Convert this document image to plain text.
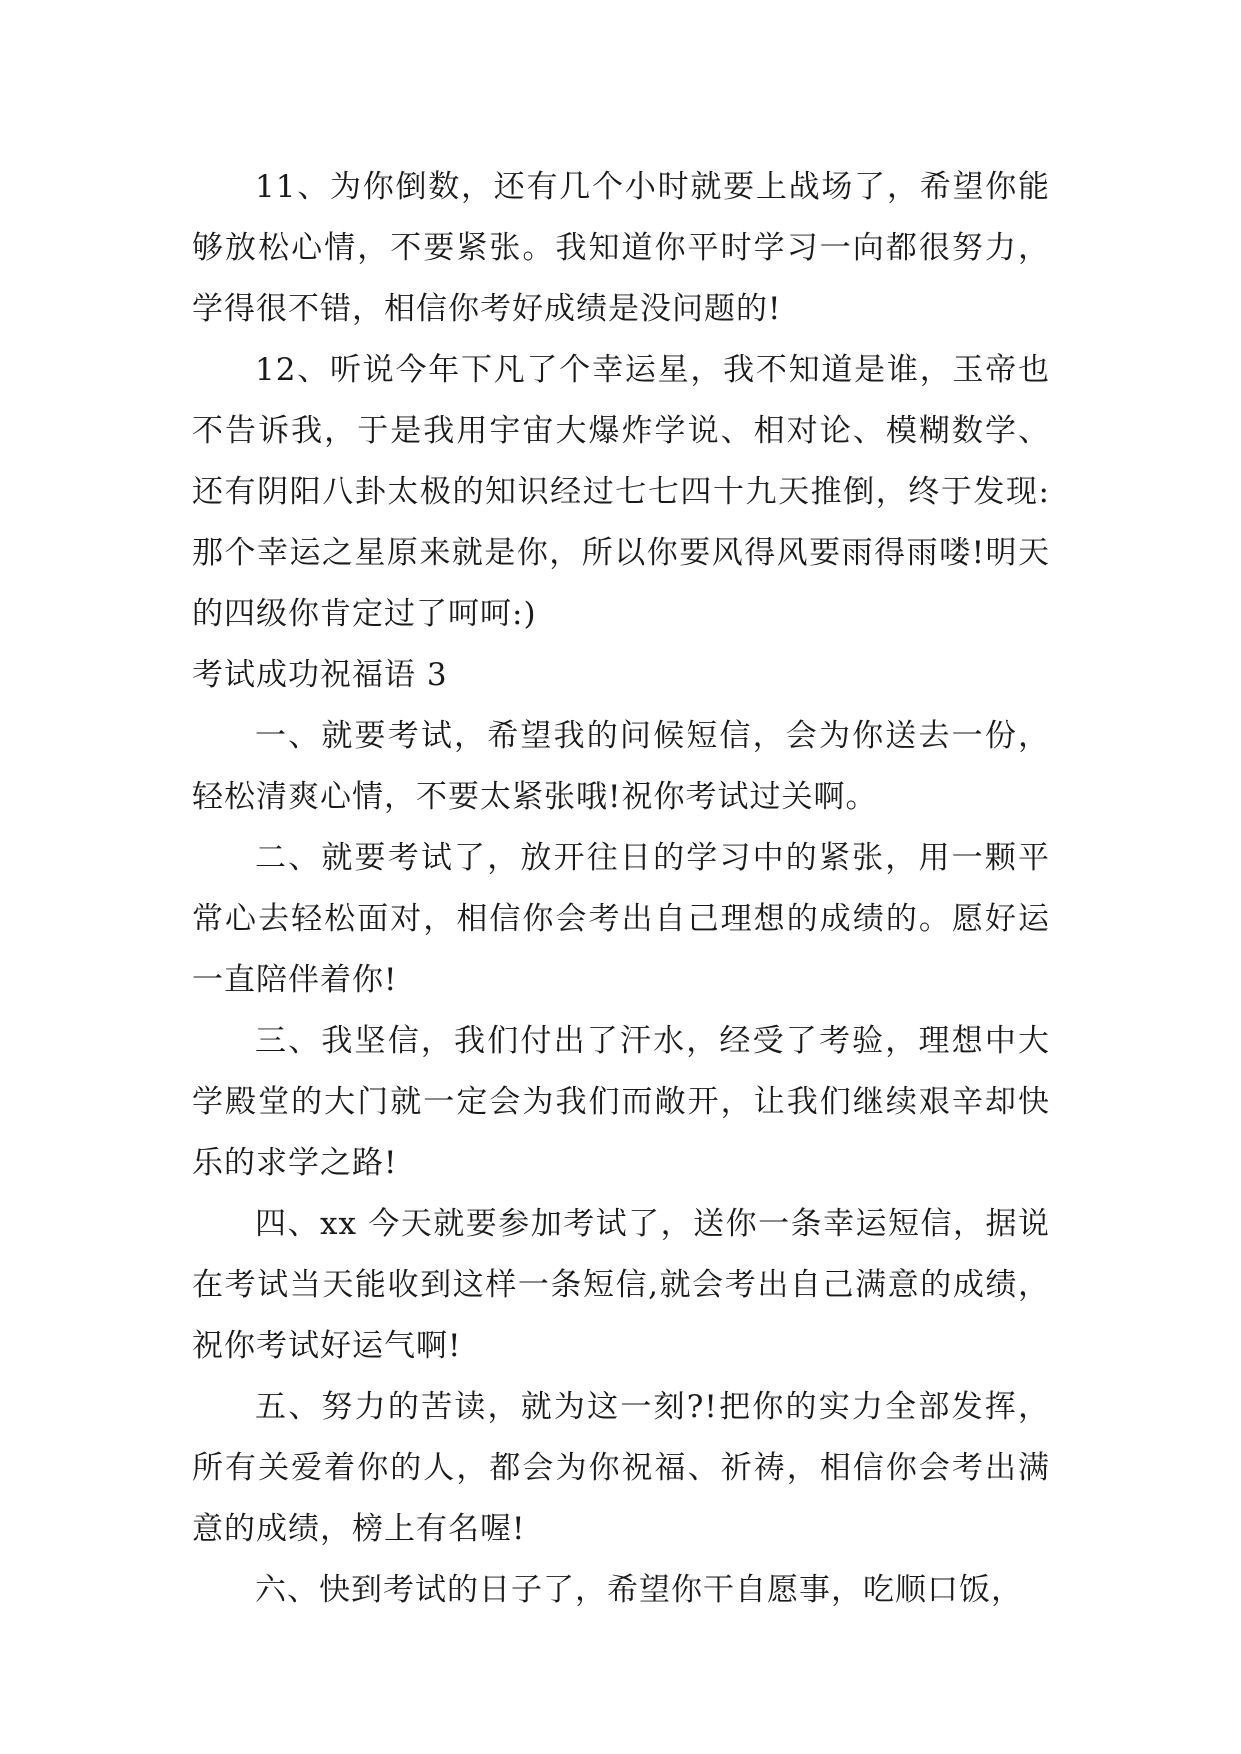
11、为你倒数，还有几个小时就要上战场了，希望你能够放松心情，不要紧张。我知道你平时学习一向都很努力，学得很不错，相信你考好成绩是没问题的!

12、听说今年下凡了个幸运星，我不知道是谁，玉帝也不告诉我，于是我用宇宙大爆炸学说、相对论、模糊数学、还有阴阳八卦太极的知识经过七七四十九天推倒，终于发现:那个幸运之星原来就是你，所以你要风得风要雨得雨喽!明天的四级你肯定过了呵呵:)

考试成功祝福语 3

一、就要考试，希望我的问候短信，会为你送去一份，轻松清爽心情，不要太紧张哦!祝你考试过关啊。

二、就要考试了，放开往日的学习中的紧张，用一颗平常心去轻松面对，相信你会考出自己理想的成绩的。愿好运一直陪伴着你!

三、我坚信，我们付出了汗水，经受了考验，理想中大学殿堂的大门就一定会为我们而敞开，让我们继续艰辛却快乐的求学之路!

四、xx 今天就要参加考试了，送你一条幸运短信，据说在考试当天能收到这样一条短信,就会考出自己满意的成绩，祝你考试好运气啊!

五、努力的苦读，就为这一刻?!把你的实力全部发挥，所有关爱着你的人，都会为你祝福、祈祷，相信你会考出满意的成绩，榜上有名喔!

六、快到考试的日子了，希望你干自愿事，吃顺口饭，
